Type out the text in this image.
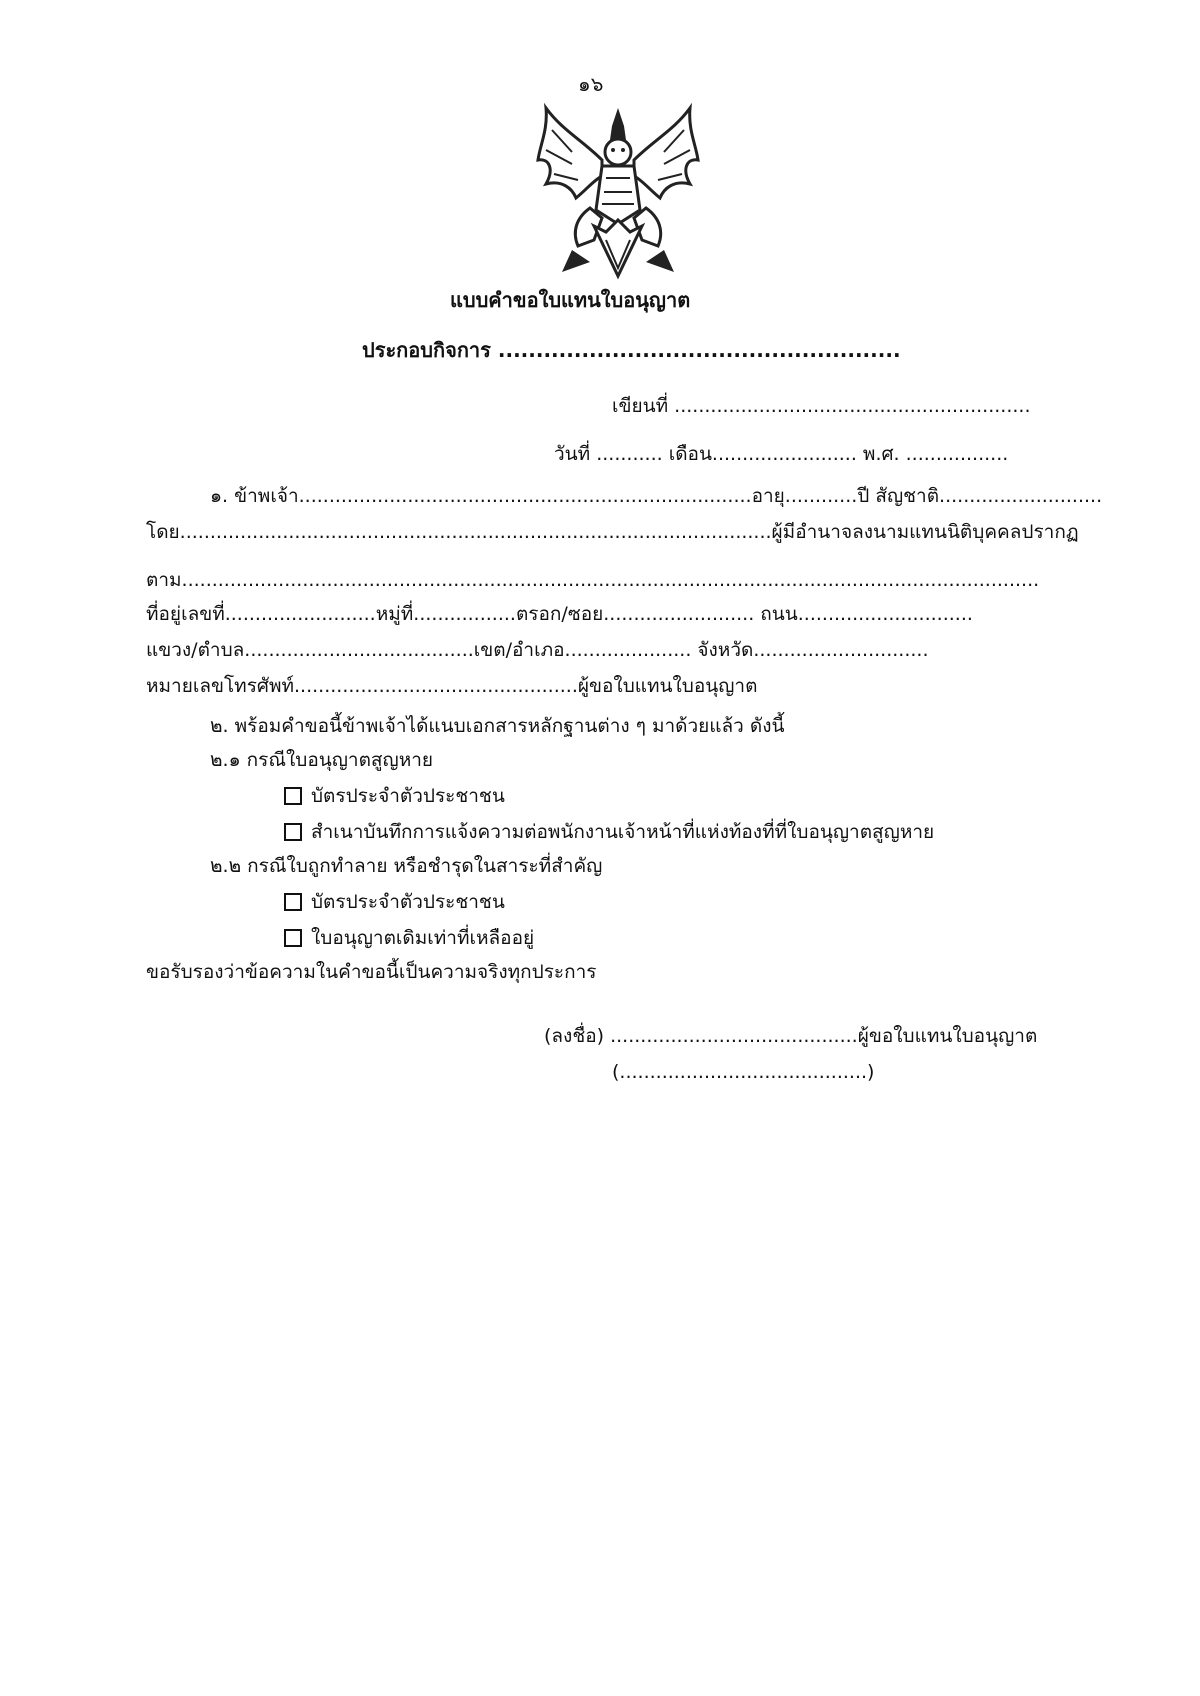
๑๖
แบบคำขอใบแทนใบอนุญาต
ประกอบกิจการ .....................................................
เขียนที่ ...........................................................
วันที่ ........... เดือน........................ พ.ศ. .................
๑. ข้าพเจ้า...........................................................................อายุ............ปี สัญชาติ...........................
โดย..................................................................................................ผู้มีอำนาจลงนามแทนนิติบุคคลปรากฏ
ตาม..............................................................................................................................................
ที่อยู่เลขที่.........................หมู่ที่.................ตรอก/ซอย......................... ถนน.............................
แขวง/ตำบล......................................เขต/อำเภอ..................... จังหวัด.............................
หมายเลขโทรศัพท์...............................................ผู้ขอใบแทนใบอนุญาต
๒. พร้อมคำขอนี้ข้าพเจ้าได้แนบเอกสารหลักฐานต่าง ๆ มาด้วยแล้ว ดังนี้
๒.๑ กรณีใบอนุญาตสูญหาย
บัตรประจำตัวประชาชน
สำเนาบันทึกการแจ้งความต่อพนักงานเจ้าหน้าที่แห่งท้องที่ที่ใบอนุญาตสูญหาย
๒.๒ กรณีใบถูกทำลาย หรือชำรุดในสาระที่สำคัญ
บัตรประจำตัวประชาชน
ใบอนุญาตเดิมเท่าที่เหลืออยู่
ขอรับรองว่าข้อความในคำขอนี้เป็นความจริงทุกประการ
(ลงชื่อ) .........................................ผู้ขอใบแทนใบอนุญาต
(.........................................)
